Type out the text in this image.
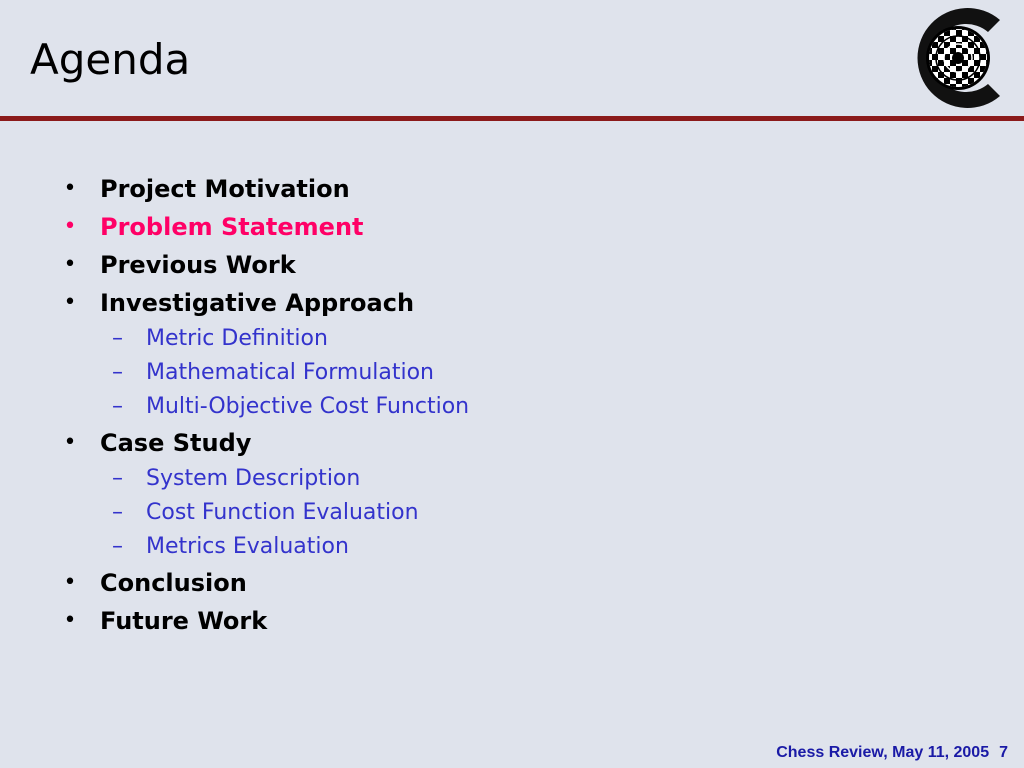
Agenda
• Project Motivation
• Problem Statement
• Previous Work
• Investigative Approach
– Metric Definition
– Mathematical Formulation
– Multi-Objective Cost Function
• Case Study
– System Description
– Cost Function Evaluation
– Metrics Evaluation
• Conclusion
• Future Work
Chess Review, May 11, 2005 7
